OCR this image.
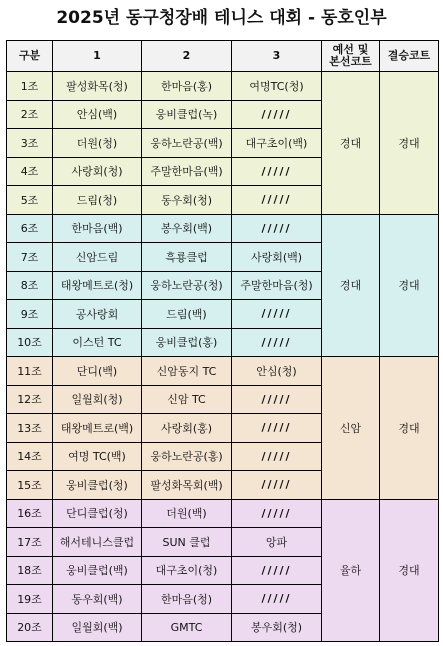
2025년 동구청장배 테니스 대회 - 동호인부
구분	1	2	3	예선 및
본선코트	결승코트
1조	팔성화목(청)	한마음(홍)	여명TC(청)	경대	경대
2조	안심(백)	웅비클럽(녹)	/////		
3조	더원(청)	웅하노란공(백)	대구초이(백)		
4조	사랑회(청)	주말한마음(백)	/////		
5조	드림(청)	동우회(청)	/////		
6조	한마음(백)	봉우회(백)	/////	경대	경대
7조	신암드림	흑룡클럽	사랑회(백)		
8조	태왕메트로(청)	웅하노란공(청)	주말한마음(청)		
9조	공사랑회	드림(백)	/////		
10조	이스턴 TC	웅비클럽(홍)	/////		
11조	단디(백)	신암동지 TC	안심(청)	신암	경대
12조	일월회(청)	신암 TC	/////		
13조	태왕메트로(백)	사랑회(홍)	/////		
14조	여명 TC(백)	웅하노란공(홍)	/////		
15조	웅비클럽(청)	팔성화목회(백)	/////		
16조	단디클럽(청)	더원(백)	/////	율하	경대
17조	해서테니스클럽	SUN 클럽	앙파		
18조	웅비클럽(백)	대구초이(청)	/////		
19조	동우회(백)	한마음(청)	/////		
20조	일월회(백)	GMTC	봉우회(청)		
